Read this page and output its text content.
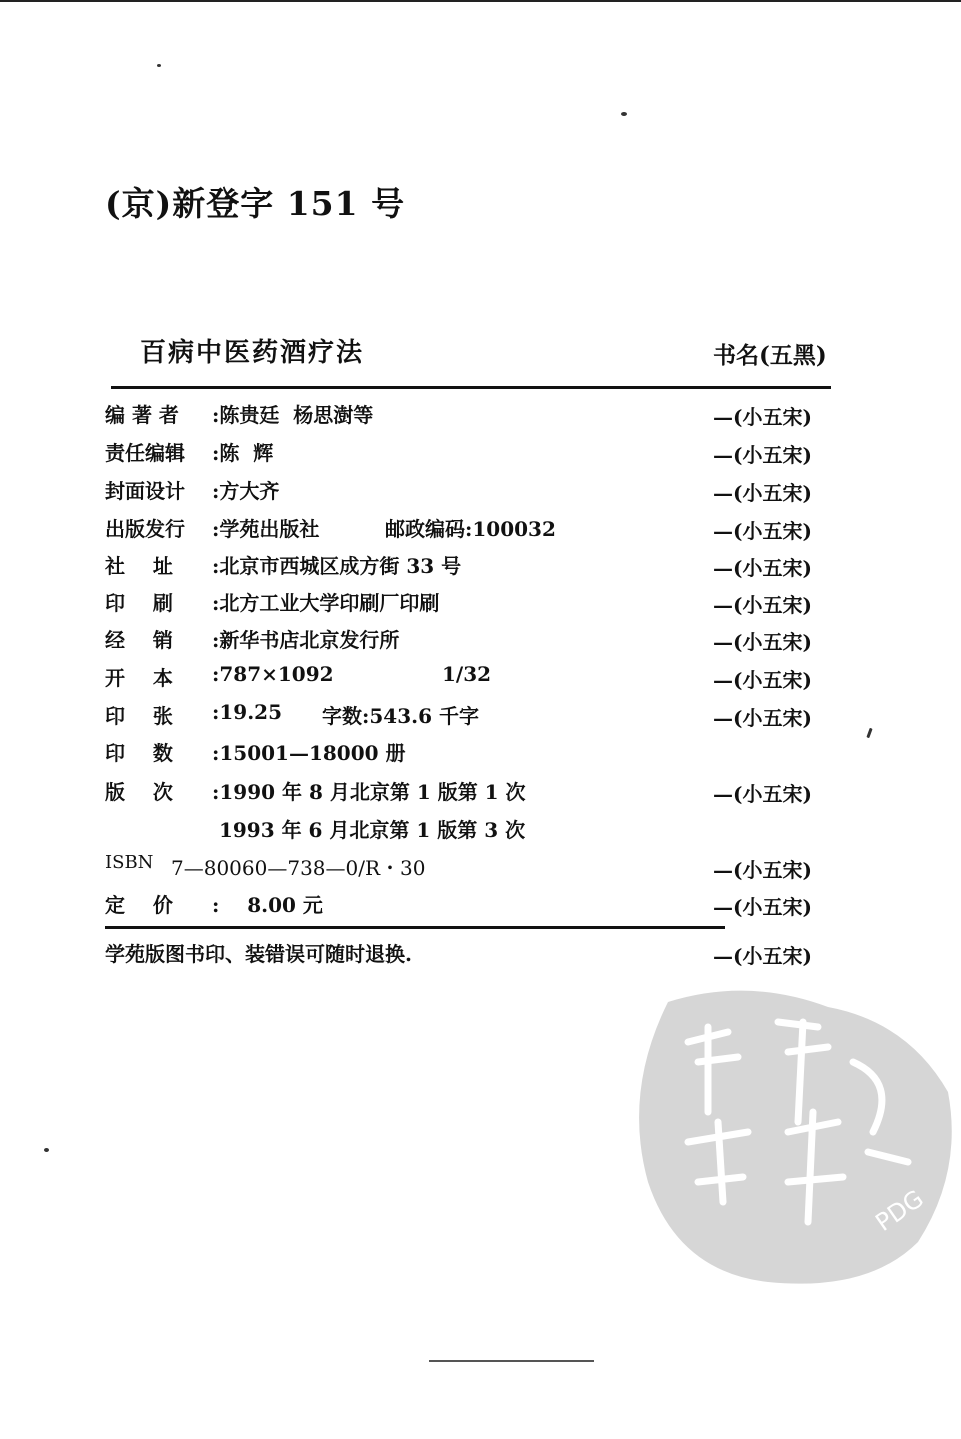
(京)新登字 151 号
百病中医药酒疗法	书名(五黑)
编 著 者 :陈贵廷  杨思澍等	—(小五宋)
责任编辑 :陈  辉	—(小五宋)
封面设计 :方大齐	—(小五宋)
出版发行 :学苑出版社	邮政编码:100032	—(小五宋)
社    址 :北京市西城区成方街 33 号	—(小五宋)
印    刷 :北方工业大学印刷厂印刷	—(小五宋)
经    销 :新华书店北京发行所	—(小五宋)
开    本 :787×1092	1/32	—(小五宋)
印    张 :19.25 字数:543.6 千字	—(小五宋)
印    数 :15001—18000 册
版    次 :1990 年 8 月北京第 1 版第 1 次	—(小五宋)
1993 年 6 月北京第 1 版第 3 次
ISBN 7—80060—738—0/R・30	—(小五宋)
定    价 :    8.00 元	—(小五宋)
学苑版图书印、装错误可随时退换.	—(小五宋)
PDG
